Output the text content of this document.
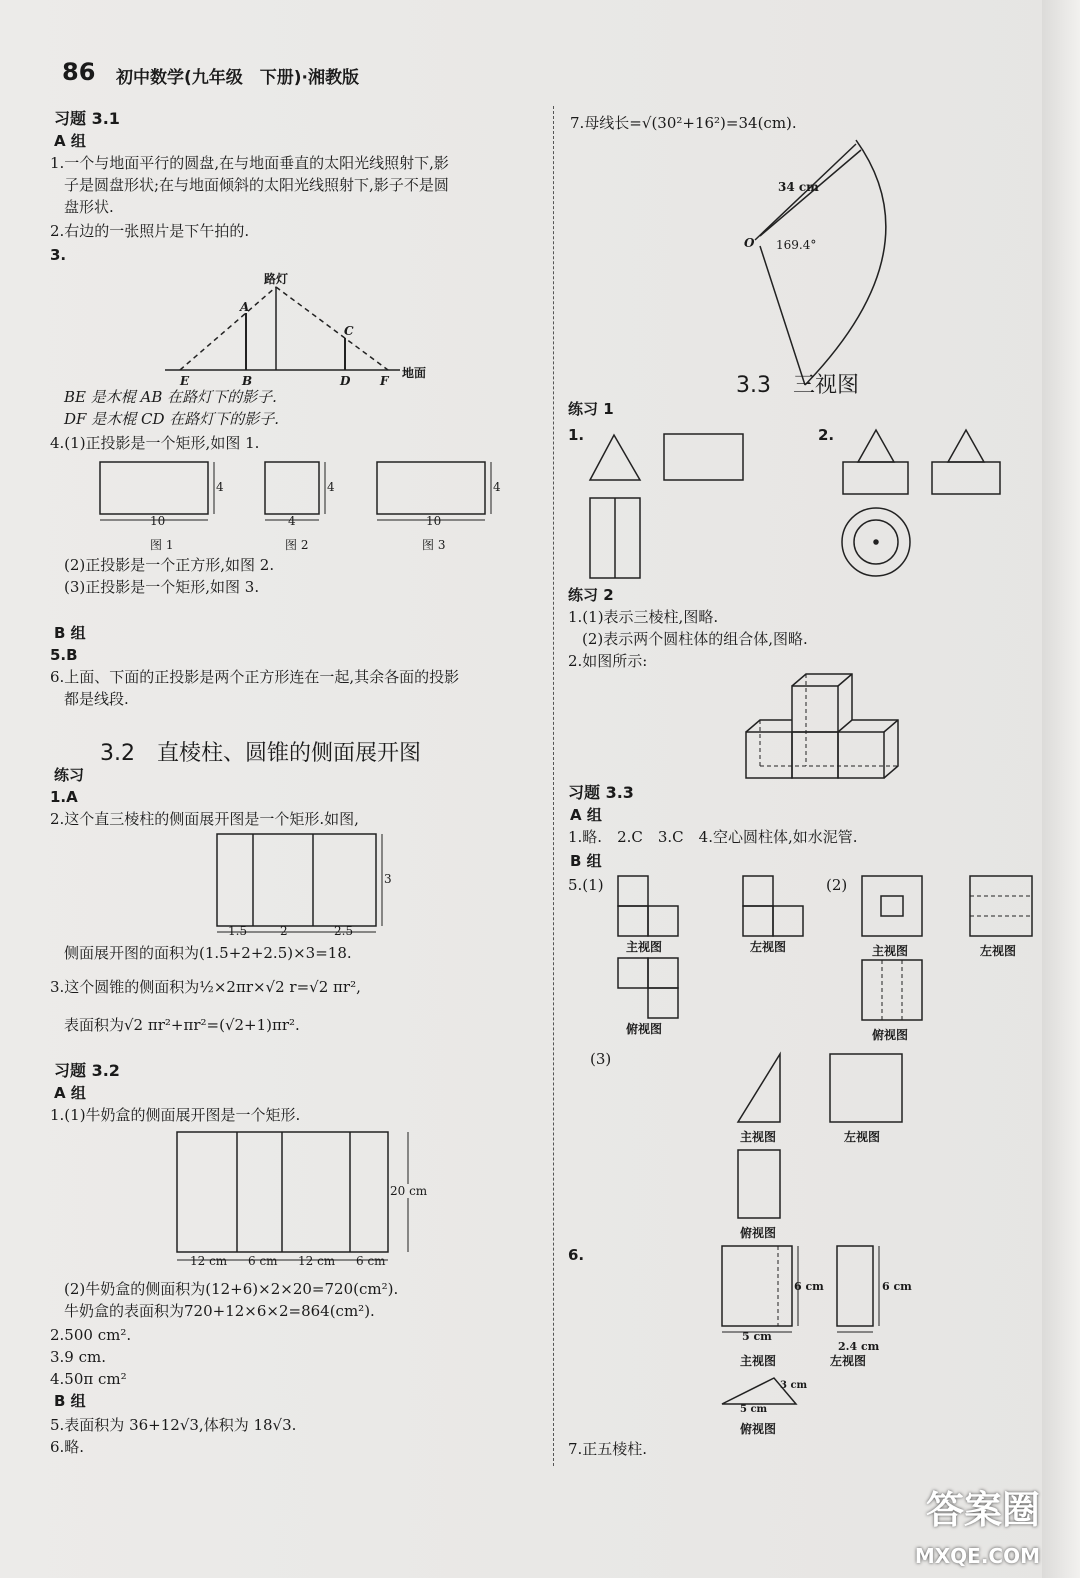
86 初中数学(九年级　下册)·湘教版
习题 3.1
A 组
1.一个与地面平行的圆盘,在与地面垂直的太阳光线照射下,影
子是圆盘形状;在与地面倾斜的太阳光线照射下,影子不是圆
盘形状.
2.右边的一张照片是下午拍的.
3.
路灯
A
C
E	B	D F
地面
BE 是木棍 AB 在路灯下的影子.
DF 是木棍 CD 在路灯下的影子.
4.(1)正投影是一个矩形,如图 1.
10
4
图 1
4
4
图 2
10
4
图 3
(2)正投影是一个正方形,如图 2.
(3)正投影是一个矩形,如图 3.
B 组
5.B
6.上面、下面的正投影是两个正方形连在一起,其余各面的投影
都是线段.
3.2　直棱柱、圆锥的侧面展开图
练习
1.A
2.这个直三棱柱的侧面展开图是一个矩形.如图,
1.5	2	2.5
3
侧面展开图的面积为(1.5+2+2.5)×3=18.
3.这个圆锥的侧面积为½×2πr×√2 r=√2 πr²,
表面积为√2 πr²+πr²=(√2+1)πr².
习题 3.2
A 组
1.(1)牛奶盒的侧面展开图是一个矩形.
12 cm 6 cm 12 cm 6 cm
20 cm
(2)牛奶盒的侧面积为(12+6)×2×20=720(cm²).
牛奶盒的表面积为720+12×6×2=864(cm²).
2.500 cm².
3.9 cm.
4.50π cm²
B 组
5.表面积为 36+12√3,体积为 18√3.
6.略.
7.母线长=√(30²+16²)=34(cm).
34 cm
O 169.4°
3.3　三视图
练习 1
1.	2.
练习 2
1.(1)表示三棱柱,图略.
(2)表示两个圆柱体的组合体,图略.
2.如图所示:
习题 3.3
A 组
1.略.　2.C　3.C　4.空心圆柱体,如水泥管.
B 组
5.(1)	(2)
(3)
主视图	左视图
俯视图
主视图	左视图
俯视图
主视图	左视图
俯视图
6.
5 cm
6 cm
2.4 cm
6 cm
主视图	左视图
5 cm
3 cm
俯视图
7.正五棱柱.
答案圈
MXQE.COM
